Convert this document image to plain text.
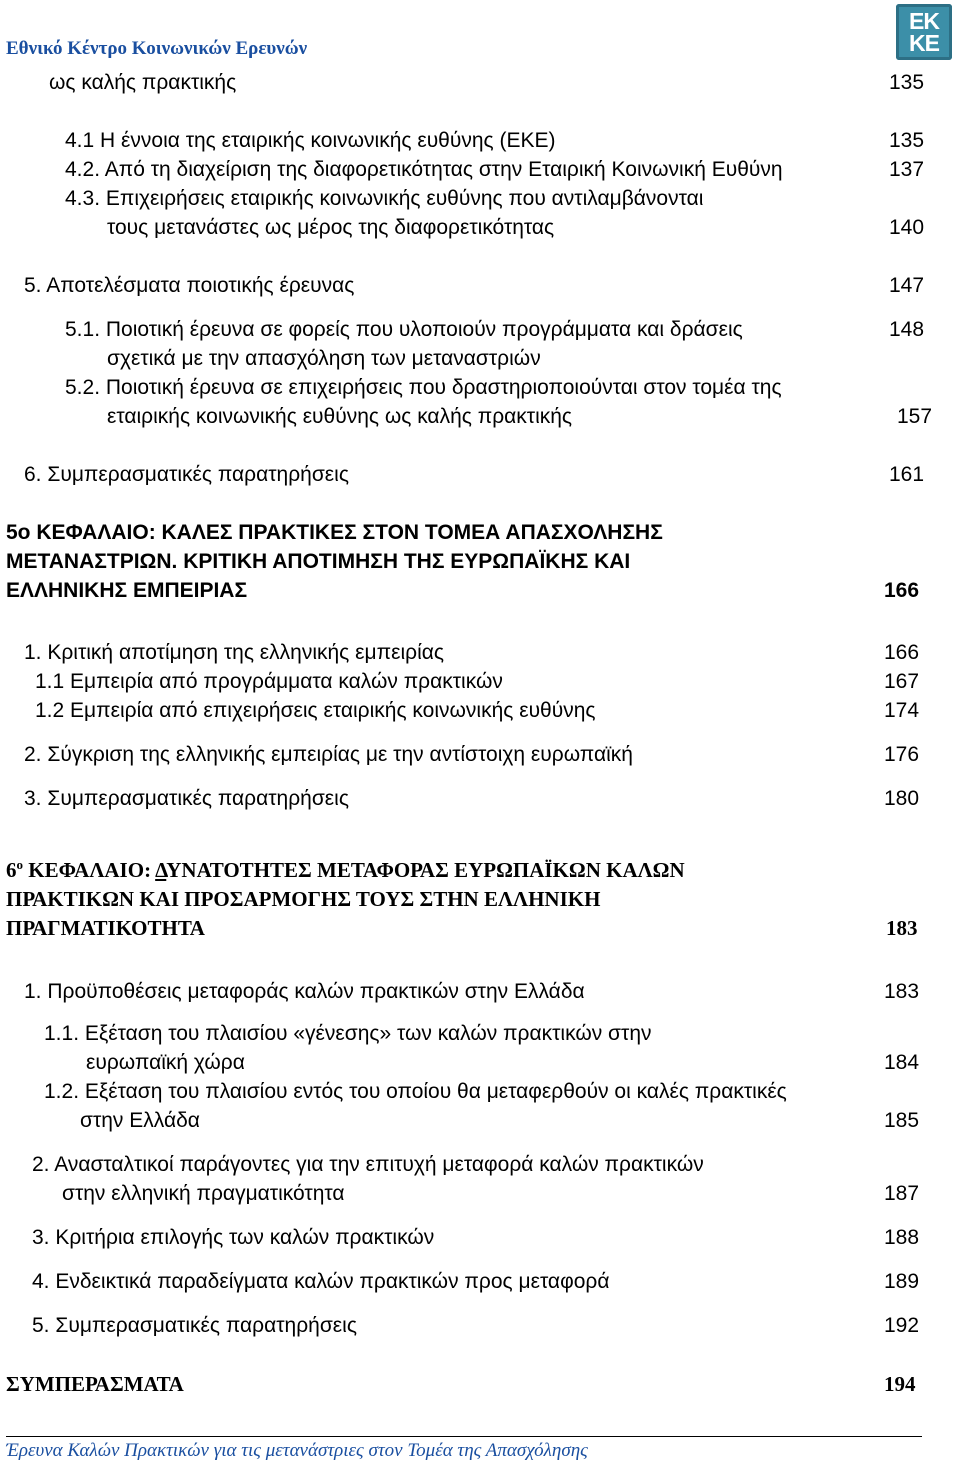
Εθνικό Κέντρο Κοινωνικών Ερευνών
ΕΚ
ΚΕ
ως καλής πρακτικής	135
4.1 Η έννοια της εταιρικής κοινωνικής ευθύνης (ΕΚΕ)	135
4.2. Από τη διαχείριση της διαφορετικότητας στην Εταιρική Κοινωνική Ευθύνη	137
4.3. Επιχειρήσεις εταιρικής κοινωνικής ευθύνης που αντιλαμβάνονται
τους μετανάστες ως μέρος της διαφορετικότητας	140
5. Αποτελέσματα ποιοτικής έρευνας	147
5.1. Ποιοτική έρευνα σε φορείς που υλοποιούν προγράμματα και δράσεις	148
σχετικά με την απασχόληση των μεταναστριών
5.2. Ποιοτική έρευνα σε επιχειρήσεις που δραστηριοποιούνται στον τομέα της
εταιρικής κοινωνικής ευθύνης ως καλής πρακτικής	157
6. Συμπερασματικές παρατηρήσεις	161
5ο ΚΕΦΑΛΑΙΟ: ΚΑΛΕΣ ΠΡΑΚΤΙΚΕΣ ΣΤΟΝ ΤΟΜΕΑ ΑΠΑΣΧΟΛΗΣΗΣ
ΜΕΤΑΝΑΣΤΡΙΩΝ. ΚΡΙΤΙΚΗ ΑΠΟΤΙΜΗΣΗ ΤΗΣ ΕΥΡΩΠΑΪΚΗΣ ΚΑΙ
ΕΛΛΗΝΙΚΗΣ ΕΜΠΕΙΡΙΑΣ	166
1. Κριτική αποτίμηση της ελληνικής εμπειρίας	166
1.1 Εμπειρία από προγράμματα καλών πρακτικών	167
1.2 Εμπειρία από επιχειρήσεις εταιρικής κοινωνικής ευθύνης	174
2. Σύγκριση της ελληνικής εμπειρίας με την αντίστοιχη ευρωπαϊκή	176
3. Συμπερασματικές παρατηρήσεις	180
$6^o$ ΚΕΦΑΛΑΙΟ: ΔΥΝΑΤΟΤΗΤΕΣ ΜΕΤΑΦΟΡΑΣ ΕΥΡΩΠΑΪΚΩΝ ΚΑΛΩΝ
ΠΡΑΚΤΙΚΩΝ ΚΑΙ ΠΡΟΣΑΡΜΟΓΗΣ ΤΟΥΣ ΣΤΗΝ ΕΛΛΗΝΙΚΗ
ΠΡΑΓΜΑΤΙΚΟΤΗΤΑ	183
1. Προϋποθέσεις μεταφοράς καλών πρακτικών στην Ελλάδα	183
1.1. Εξέταση του πλαισίου «γένεσης» των καλών πρακτικών στην
ευρωπαϊκή χώρα	184
1.2. Εξέταση του πλαισίου εντός του οποίου θα μεταφερθούν οι καλές πρακτικές
στην Ελλάδα	185
2. Ανασταλτικοί παράγοντες για την επιτυχή μεταφορά καλών πρακτικών
στην ελληνική πραγματικότητα	187
3. Κριτήρια επιλογής των καλών πρακτικών	188
4. Ενδεικτικά παραδείγματα καλών πρακτικών προς μεταφορά	189
5. Συμπερασματικές παρατηρήσεις	192
ΣΥΜΠΕΡΑΣΜΑΤΑ	194
Έρευνα Καλών Πρακτικών για τις μετανάστριες στον Τομέα της Απασχόλησης
